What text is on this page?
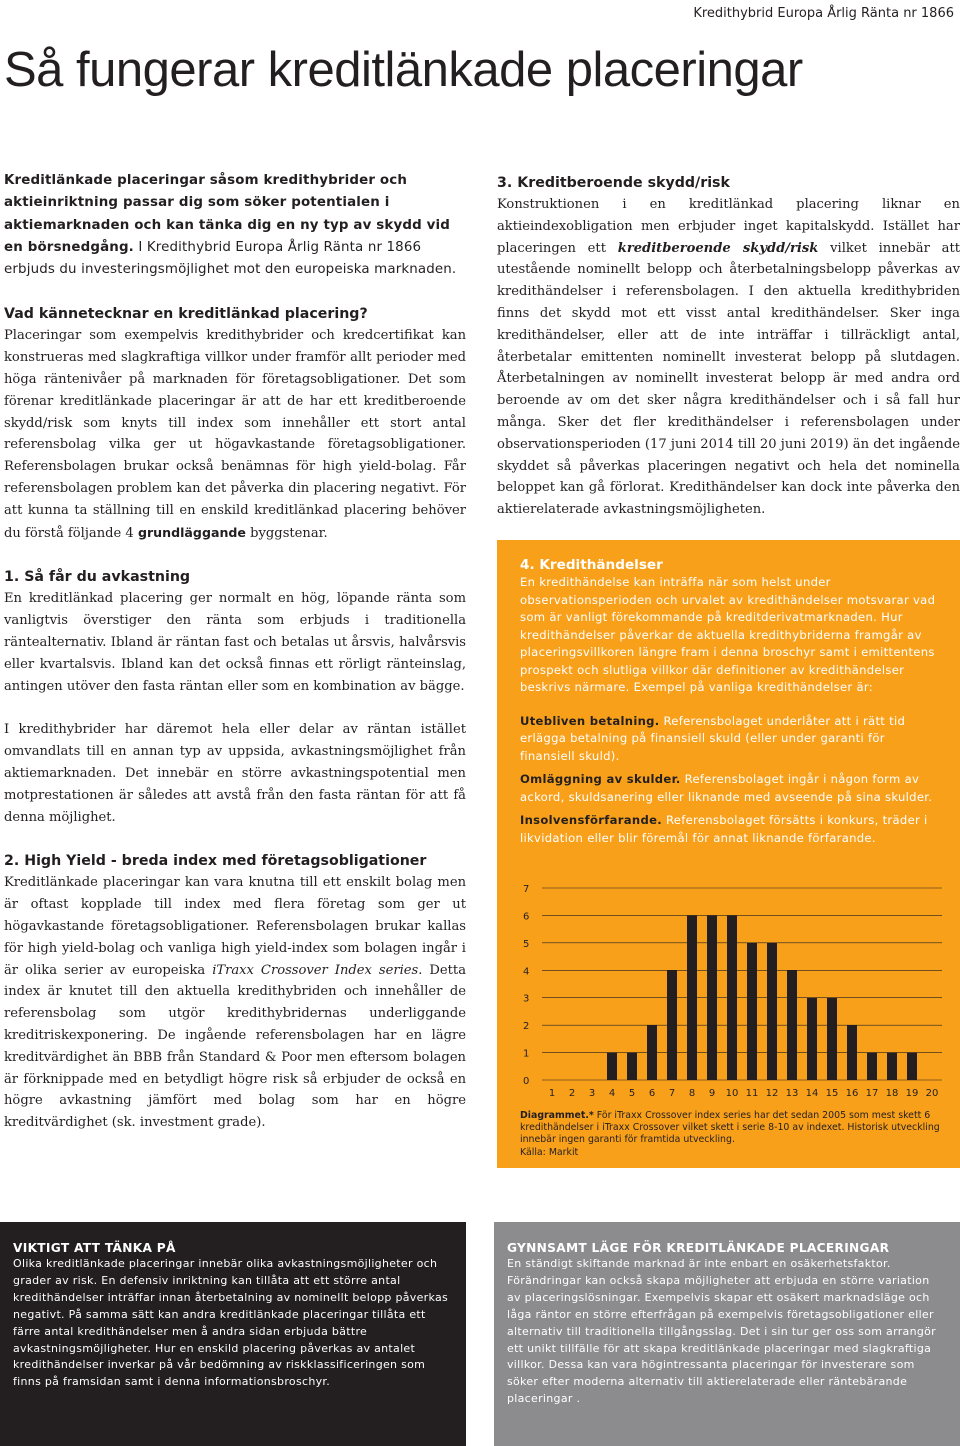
Kredithybrid Europa Årlig Ränta nr 1866
Så fungerar kreditlänkade placeringar

Kreditlänkade placeringar såsom kredithybrider och aktieinriktning passar dig som söker potentialen i aktiemarknaden och kan tänka dig en ny typ av skydd vid en börsnedgång. I Kredithybrid Europa Årlig Ränta nr 1866 erbjuds du investeringsmöjlighet mot den europeiska marknaden.

Vad kännetecknar en kreditlänkad placering?

Placeringar som exempelvis kredithybrider och kredcertifikat kan konstrueras med slagkraftiga villkor under framför allt perioder med höga räntenivåer på marknaden för företagsobligationer. Det som förenar kreditlänkade placeringar är att de har ett kreditberoende skydd/risk som knyts till index som innehåller ett stort antal referensbolag vilka ger ut högavkastande företagsobligationer. Referensbolagen brukar också benämnas för high yield-bolag. Får referensbolagen problem kan det påverka din placering negativt. För att kunna ta ställning till en enskild kreditlänkad placering behöver du förstå följande 4 grundläggande byggstenar.

1. Så får du avkastning

En kreditlänkad placering ger normalt en hög, löpande ränta som vanligtvis överstiger den ränta som erbjuds i traditionella räntealternativ. Ibland är räntan fast och betalas ut årsvis, halvårsvis eller kvartalsvis. Ibland kan det också finnas ett rörligt ränteinslag, antingen utöver den fasta räntan eller som en kombination av bägge.

I kredithybrider har däremot hela eller delar av räntan istället omvandlats till en annan typ av uppsida, avkastningsmöjlighet från aktiemarknaden. Det innebär en större avkastningspotential men motprestationen är således att avstå från den fasta räntan för att få denna möjlighet.

2. High Yield - breda index med företagsobligationer

Kreditlänkade placeringar kan vara knutna till ett enskilt bolag men är oftast kopplade till index med flera företag som ger ut högavkastande företagsobligationer. Referensbolagen brukar kallas för high yield-bolag och vanliga high yield-index som bolagen ingår i är olika serier av europeiska iTraxx Crossover Index series. Detta index är knutet till den aktuella kredithybriden och innehåller de referensbolag som utgör kredithybridernas underliggande kreditriskexponering. De ingående referensbolagen har en lägre kreditvärdighet än BBB från Standard & Poor men eftersom bolagen är förknippade med en betydligt högre risk så erbjuder de också en högre avkastning jämfört med bolag som har en högre kreditvärdighet (sk. investment grade).

3. Kreditberoende skydd/risk

Konstruktionen i en kreditlänkad placering liknar en aktieindexobligation men erbjuder inget kapitalskydd. Istället har placeringen ett kreditberoende skydd/risk vilket innebär att utestående nominellt belopp och återbetalningsbelopp påverkas av kredithändelser i referensbolagen. I den aktuella kredithybriden finns det skydd mot ett visst antal kredithändelser. Sker inga kredithändelser, eller att de inte inträffar i tillräckligt antal, återbetalar emittenten nominellt investerat belopp på slutdagen. Återbetalningen av nominellt investerat belopp är med andra ord beroende av om det sker några kredithändelser och i så fall hur många. Sker det fler kredithändelser i referensbolagen under observationsperioden (17 juni 2014 till 20 juni 2019) än det ingående skyddet så påverkas placeringen negativt och hela det nominella beloppet kan gå förlorat. Kredithändelser kan dock inte påverka den aktierelaterade avkastningsmöjligheten.

4. Kredithändelser

En kredithändelse kan inträffa när som helst under observationsperioden och urvalet av kredithändelser motsvarar vad som är vanligt förekommande på kreditderivatmarknaden. Hur kredithändelser påverkar de aktuella kredithybriderna framgår av placeringsvillkoren längre fram i denna broschyr samt i emittentens prospekt och slutliga villkor där definitioner av kredithändelser beskrivs närmare. Exempel på vanliga kredithändelser är:

Utebliven betalning. Referensbolaget underlåter att i rätt tid erlägga betalning på finansiell skuld (eller under garanti för finansiell skuld).

Omläggning av skulder. Referensbolaget ingår i någon form av ackord, skuldsanering eller liknande med avseende på sina skulder.

Insolvensförfarande. Referensbolaget försätts i konkurs, träder i likvidation eller blir föremål för annat liknande förfarande.

0
1
2
3
4
5
6
7
1 2 3 4 5 6 7 8 9 10 11 12 13 14 15 16 17 18 19 20
Diagrammet.* För iTraxx Crossover index series har det sedan 2005 som mest skett 6 kredithändelser i iTraxx Crossover vilket skett i serie 8-10 av indexet. Historisk utveckling innebär ingen garanti för framtida utveckling.
Källa: Markit
VIKTIGT ATT TÄNKA PÅ

Olika kreditlänkade placeringar innebär olika avkastningsmöjligheter och grader av risk. En defensiv inriktning kan tillåta att ett större antal kredithändelser inträffar innan återbetalning av nominellt belopp påverkas negativt. På samma sätt kan andra kreditlänkade placeringar tillåta ett färre antal kredithändelser men å andra sidan erbjuda bättre avkastningsmöjligheter. Hur en enskild placering påverkas av antalet kredithändelser inverkar på vår bedömning av riskklassificeringen som finns på framsidan samt i denna informationsbroschyr.

GYNNSAMT LÄGE FÖR KREDITLÄNKADE PLACERINGAR

En ständigt skiftande marknad är inte enbart en osäkerhetsfaktor. Förändringar kan också skapa möjligheter att erbjuda en större variation av placeringslösningar. Exempelvis skapar ett osäkert marknadsläge och låga räntor en större efterfrågan på exempelvis företagsobligationer eller alternativ till traditionella tillgångsslag. Det i sin tur ger oss som arrangör ett unikt tillfälle för att skapa kreditlänkade placeringar med slagkraftiga villkor. Dessa kan vara högintressanta placeringar för investerare som söker efter moderna alternativ till aktierelaterade eller räntebärande placeringar .
